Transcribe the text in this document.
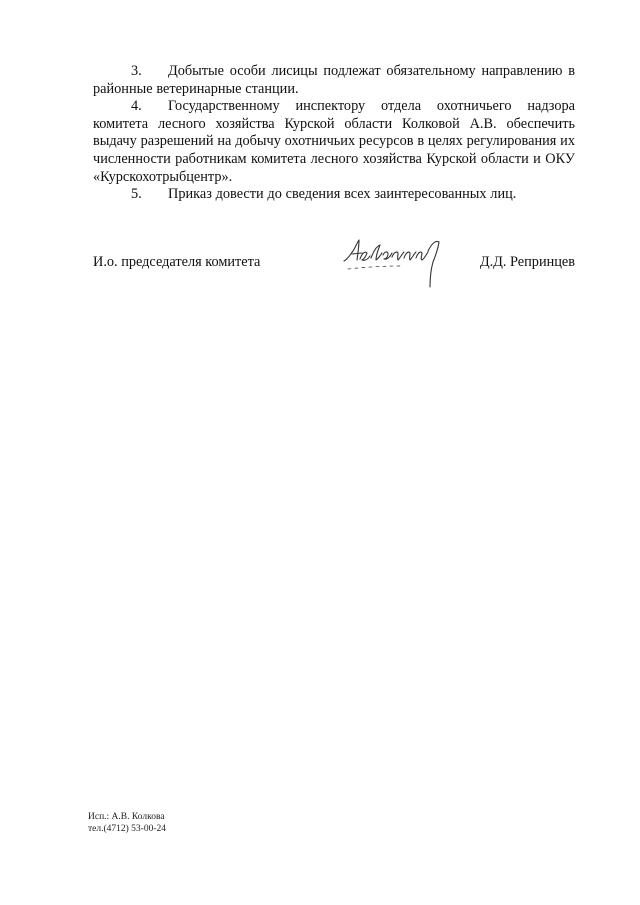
3. Добытые особи лисицы подлежат обязательному направлению в районные ветеринарные станции.

4. Государственному инспектору отдела охотничьего надзора комитета лесного хозяйства Курской области Колковой А.В. обеспечить выдачу разрешений на добычу охотничьих ресурсов в целях регулирования их численности работникам комитета лесного хозяйства Курской области и ОКУ «Курскохотрыбцентр».

5. Приказ довести до сведения всех заинтересованных лиц.

И.о. председателя комитета	Д.Д. Репринцев
Исп.: А.В. Колкова
тел.(4712) 53-00-24
